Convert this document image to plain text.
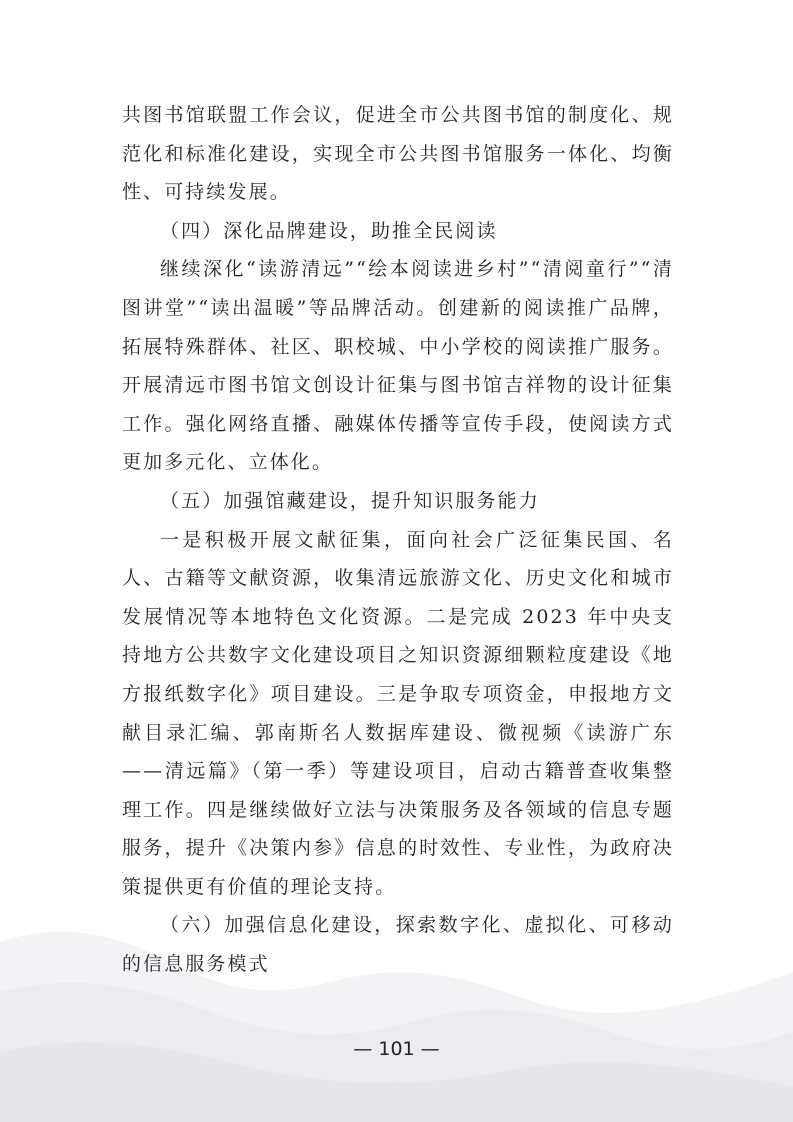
共图书馆联盟工作会议，促进全市公共图书馆的制度化、规范化和标准化建设，实现全市公共图书馆服务一体化、均衡性、可持续发展。

（四）深化品牌建设，助推全民阅读

继续深化“读游清远”“绘本阅读进乡村”“清阅童行”“清图讲堂”“读出温暖”等品牌活动。创建新的阅读推广品牌，拓展特殊群体、社区、职校城、中小学校的阅读推广服务。开展清远市图书馆文创设计征集与图书馆吉祥物的设计征集工作。强化网络直播、融媒体传播等宣传手段，使阅读方式更加多元化、立体化。

（五）加强馆藏建设，提升知识服务能力

一是积极开展文献征集，面向社会广泛征集民国、名人、古籍等文献资源，收集清远旅游文化、历史文化和城市发展情况等本地特色文化资源。二是完成 2023 年中央支持地方公共数字文化建设项目之知识资源细颗粒度建设《地方报纸数字化》项目建设。三是争取专项资金，申报地方文献目录汇编、郭南斯名人数据库建设、微视频《读游广东——清远篇》（第一季）等建设项目，启动古籍普查收集整理工作。四是继续做好立法与决策服务及各领域的信息专题服务，提升《决策内参》信息的时效性、专业性，为政府决策提供更有价值的理论支持。

（六）加强信息化建设，探索数字化、虚拟化、可移动的信息服务模式

— 101 —
